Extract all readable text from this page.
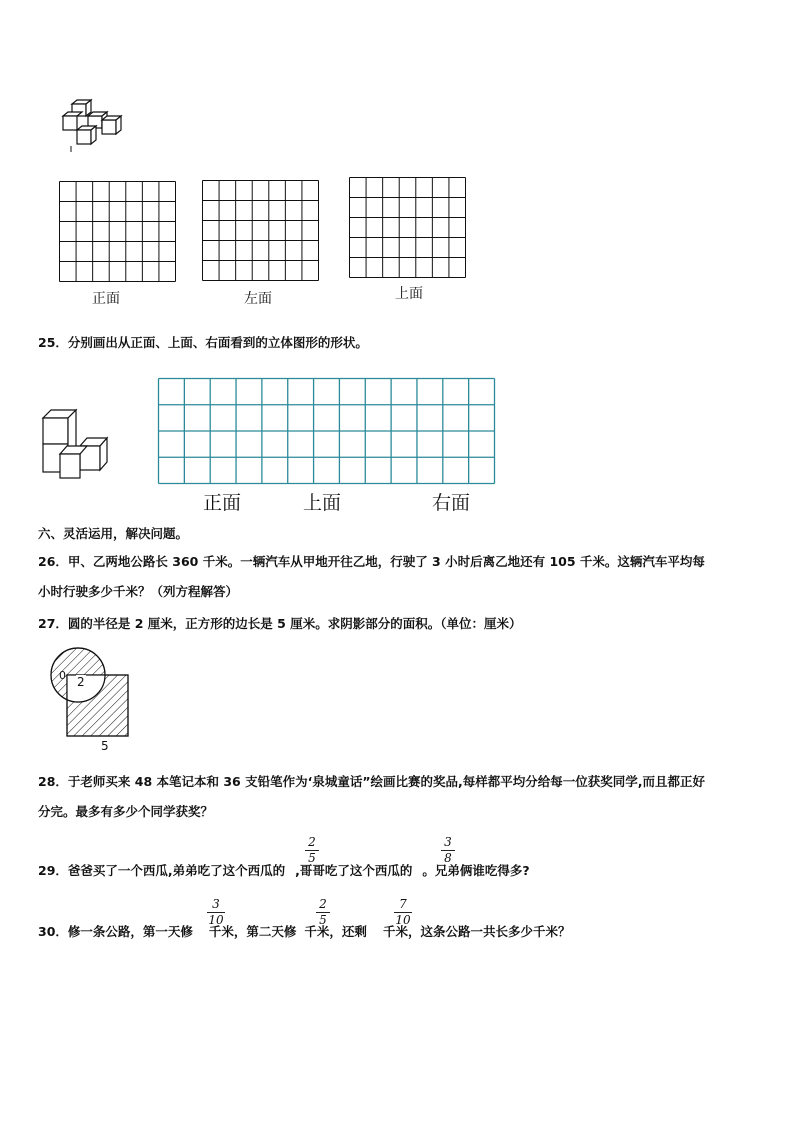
正面	左面	上面
25．分别画出从正面、上面、右面看到的立体图形的形状。
正面	上面	右面
六、灵活运用，解决问题。
26．甲、乙两地公路长 360 千米。一辆汽车从甲地开往乙地，行驶了 3 小时后离乙地还有 105 千米。这辆汽车平均每
小时行驶多少千米？（列方程解答）
27．圆的半径是 2 厘米，正方形的边长是 5 厘米。求阴影部分的面积。（单位：厘米）
0 2
5
28．于老师买来 48 本笔记本和 36 支铅笔作为‘泉城童话”绘画比赛的奖品,每样都平均分给每一位获奖同学,而且都正好
分完。最多有多少个同学获奖？
29．爸爸买了一个西瓜,弟弟吃了这个西瓜的 ,哥哥吃了这个西瓜的 。兄弟俩谁吃得多?
2
5
3
8
30．修一条公路，第一天修 千米，第二天修 千米，还剩 千米，这条公路一共长多少千米？
3
10
2
5
7
10
